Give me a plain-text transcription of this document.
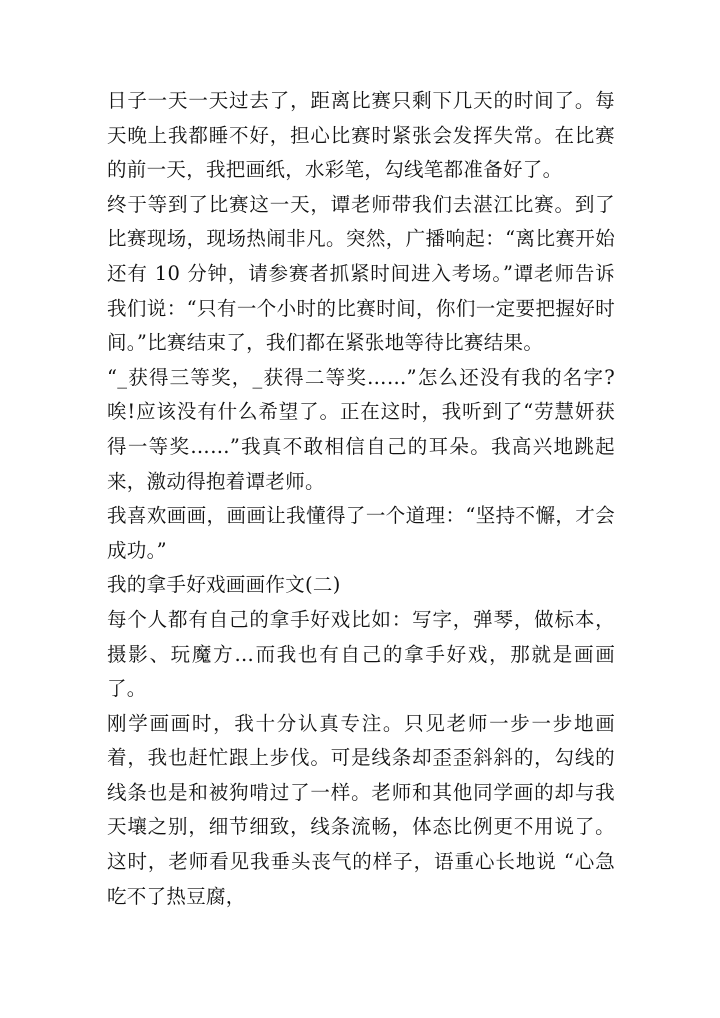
日子一天一天过去了，距离比赛只剩下几天的时间了。每天晚上我都睡不好，担心比赛时紧张会发挥失常。在比赛的前一天，我把画纸，水彩笔，勾线笔都准备好了。

终于等到了比赛这一天，谭老师带我们去湛江比赛。到了比赛现场，现场热闹非凡。突然，广播响起：“离比赛开始还有 10 分钟，请参赛者抓紧时间进入考场。”谭老师告诉我们说：“只有一个小时的比赛时间，你们一定要把握好时间。”比赛结束了，我们都在紧张地等待比赛结果。

“_获得三等奖，_获得二等奖……”怎么还没有我的名字?唉!应该没有什么希望了。正在这时，我听到了“劳慧妍获得一等奖……”我真不敢相信自己的耳朵。我高兴地跳起来，激动得抱着谭老师。

我喜欢画画，画画让我懂得了一个道理：“坚持不懈，才会成功。”

我的拿手好戏画画作文(二)

每个人都有自己的拿手好戏比如：写字，弹琴，做标本，摄影、玩魔方…而我也有自己的拿手好戏，那就是画画了。

刚学画画时，我十分认真专注。只见老师一步一步地画着，我也赶忙跟上步伐。可是线条却歪歪斜斜的，勾线的线条也是和被狗啃过了一样。老师和其他同学画的却与我天壤之别，细节细致，线条流畅，体态比例更不用说了。这时，老师看见我垂头丧气的样子，语重心长地说 “心急吃不了热豆腐，
